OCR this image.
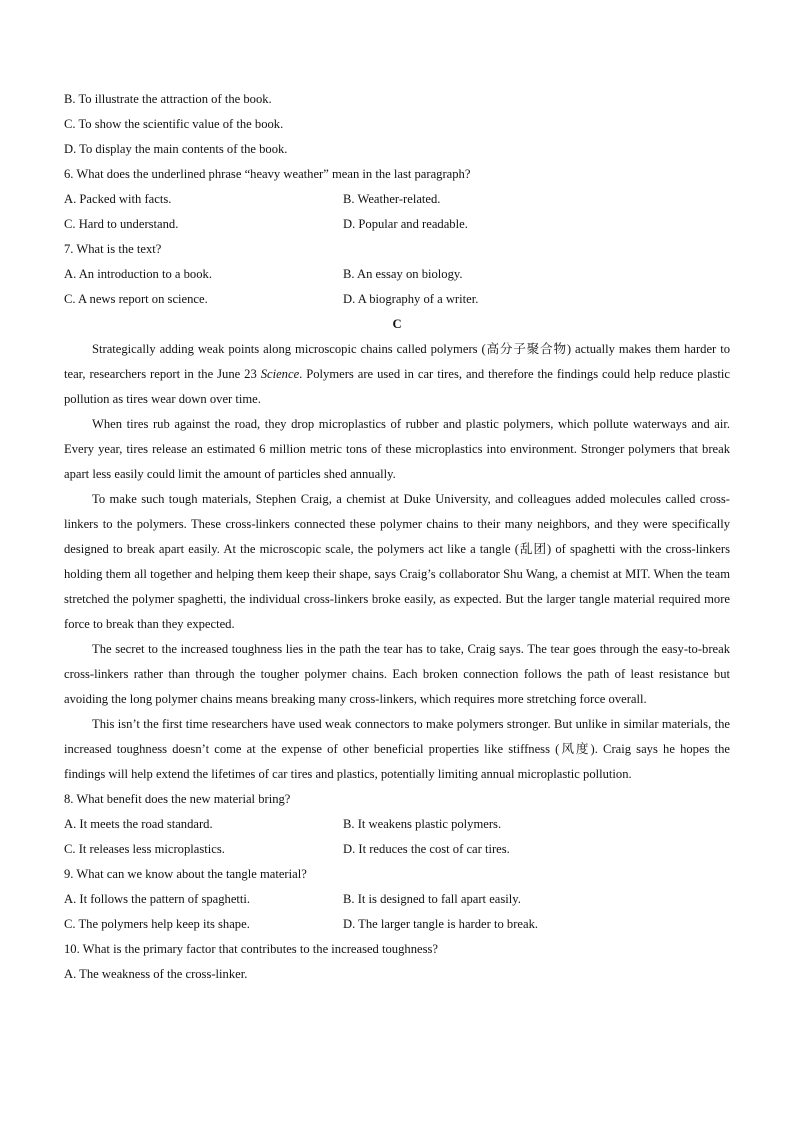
B. To illustrate the attraction of the book.
C. To show the scientific value of the book.
D. To display the main contents of the book.
6. What does the underlined phrase “heavy weather” mean in the last paragraph?
A. Packed with facts.	B. Weather-related.
C. Hard to understand.	D. Popular and readable.
7. What is the text?
A. An introduction to a book.	B. An essay on biology.
C. A news report on science.	D. A biography of a writer.
C

Strategically adding weak points along microscopic chains called polymers (高分子聚合物) actually makes them harder to tear, researchers report in the June 23 Science. Polymers are used in car tires, and therefore the findings could help reduce plastic pollution as tires wear down over time.

When tires rub against the road, they drop microplastics of rubber and plastic polymers, which pollute waterways and air. Every year, tires release an estimated 6 million metric tons of these microplastics into environment. Stronger polymers that break apart less easily could limit the amount of particles shed annually.

To make such tough materials, Stephen Craig, a chemist at Duke University, and colleagues added molecules called cross-linkers to the polymers. These cross-linkers connected these polymer chains to their many neighbors, and they were specifically designed to break apart easily. At the microscopic scale, the polymers act like a tangle (乱团) of spaghetti with the cross-linkers holding them all together and helping them keep their shape, says Craig’s collaborator Shu Wang, a chemist at MIT. When the team stretched the polymer spaghetti, the individual cross-linkers broke easily, as expected. But the larger tangle material required more force to break than they expected.

The secret to the increased toughness lies in the path the tear has to take, Craig says. The tear goes through the easy-to-break cross-linkers rather than through the tougher polymer chains. Each broken connection follows the path of least resistance but avoiding the long polymer chains means breaking many cross-linkers, which requires more stretching force overall.

This isn’t the first time researchers have used weak connectors to make polymers stronger. But unlike in similar materials, the increased toughness doesn’t come at the expense of other beneficial properties like stiffness (风度). Craig says he hopes the findings will help extend the lifetimes of car tires and plastics, potentially limiting annual microplastic pollution.

8. What benefit does the new material bring?
A. It meets the road standard.	B. It weakens plastic polymers.
C. It releases less microplastics.	D. It reduces the cost of car tires.
9. What can we know about the tangle material?
A. It follows the pattern of spaghetti.	B. It is designed to fall apart easily.
C. The polymers help keep its shape.	D. The larger tangle is harder to break.
10. What is the primary factor that contributes to the increased toughness?
A. The weakness of the cross-linker.
